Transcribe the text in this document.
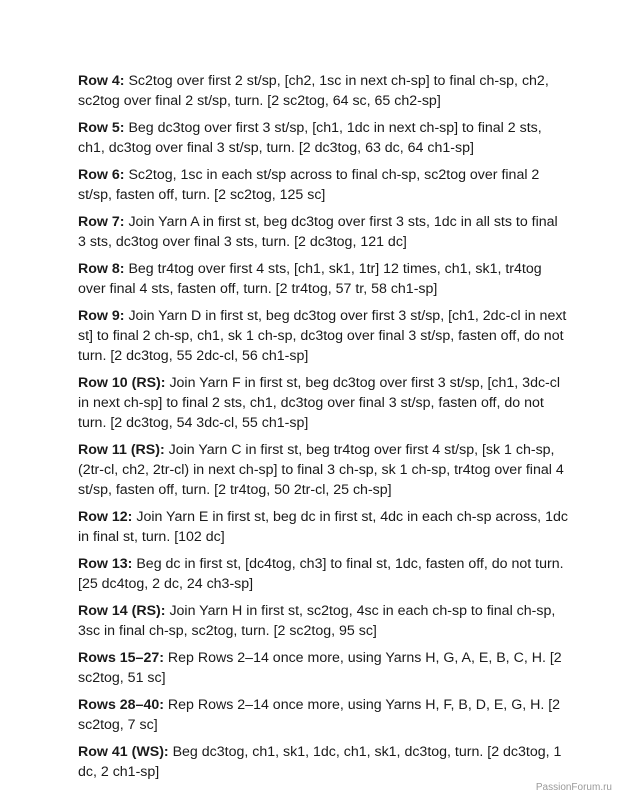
Row 4: Sc2tog over first 2 st/sp, [ch2, 1sc in next ch-sp] to final ch-sp, ch2, sc2tog over final 2 st/sp, turn. [2 sc2tog, 64 sc, 65 ch2-sp]

Row 5: Beg dc3tog over first 3 st/sp, [ch1, 1dc in next ch-sp] to final 2 sts, ch1, dc3tog over final 3 st/sp, turn. [2 dc3tog, 63 dc, 64 ch1-sp]

Row 6: Sc2tog, 1sc in each st/sp across to final ch-sp, sc2tog over final 2 st/sp, fasten off, turn. [2 sc2tog, 125 sc]

Row 7: Join Yarn A in first st, beg dc3tog over first 3 sts, 1dc in all sts to final 3 sts, dc3tog over final 3 sts, turn. [2 dc3tog, 121 dc]

Row 8: Beg tr4tog over first 4 sts, [ch1, sk1, 1tr] 12 times, ch1, sk1, tr4tog over final 4 sts, fasten off, turn. [2 tr4tog, 57 tr, 58 ch1-sp]

Row 9: Join Yarn D in first st, beg dc3tog over first 3 st/sp, [ch1, 2dc-cl in next st] to final 2 ch-sp, ch1, sk 1 ch-sp, dc3tog over final 3 st/sp, fasten off, do not turn. [2 dc3tog, 55 2dc-cl, 56 ch1-sp]

Row 10 (RS): Join Yarn F in first st, beg dc3tog over first 3 st/sp, [ch1, 3dc-cl in next ch-sp] to final 2 sts, ch1, dc3tog over final 3 st/sp, fasten off, do not turn. [2 dc3tog, 54 3dc-cl, 55 ch1-sp]

Row 11 (RS): Join Yarn C in first st, beg tr4tog over first 4 st/sp, [sk 1 ch-sp, (2tr-cl, ch2, 2tr-cl) in next ch-sp] to final 3 ch-sp, sk 1 ch-sp, tr4tog over final 4 st/sp, fasten off, turn. [2 tr4tog, 50 2tr-cl, 25 ch-sp]

Row 12: Join Yarn E in first st, beg dc in first st, 4dc in each ch-sp across, 1dc in final st, turn. [102 dc]

Row 13: Beg dc in first st, [dc4tog, ch3] to final st, 1dc, fasten off, do not turn. [25 dc4tog, 2 dc, 24 ch3-sp]

Row 14 (RS): Join Yarn H in first st, sc2tog, 4sc in each ch-sp to final ch-sp, 3sc in final ch-sp, sc2tog, turn. [2 sc2tog, 95 sc]

Rows 15–27: Rep Rows 2–14 once more, using Yarns H, G, A, E, B, C, H. [2 sc2tog, 51 sc]

Rows 28–40: Rep Rows 2–14 once more, using Yarns H, F, B, D, E, G, H. [2 sc2tog, 7 sc]

Row 41 (WS): Beg dc3tog, ch1, sk1, 1dc, ch1, sk1, dc3tog, turn. [2 dc3tog, 1 dc, 2 ch1-sp]

PassionForum.ru
